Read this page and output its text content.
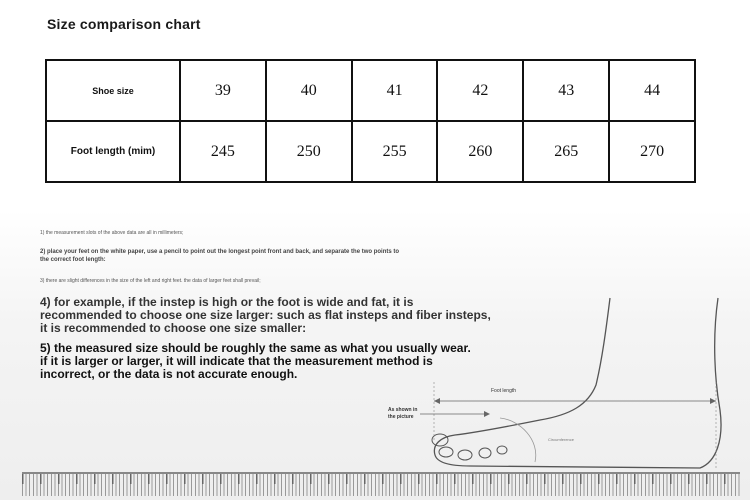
Size comparison chart
Shoe size	39	40	41	42	43	44
Foot length (mim)	245	250	255	260	265	270
1) the measurement slots of the above data are all in millimeters;
2) place your feet on the white paper, use a pencil to point out the longest point front and back, and separate the two points to
the correct foot length:
3) there are slight differences in the size of the left and right feet. the data of larger feet shall prevail;
4) for example, if the instep is high or the foot is wide and fat, it is
recommended to choose one size larger: such as flat insteps and fiber insteps,
it is recommended to choose one size smaller:
5) the measured size should be roughly the same as what you usually wear.
if it is larger or larger, it will indicate that the measurement method is
incorrect, or the data is not accurate enough.
Foot length
As shown in
the picture
Circumference
